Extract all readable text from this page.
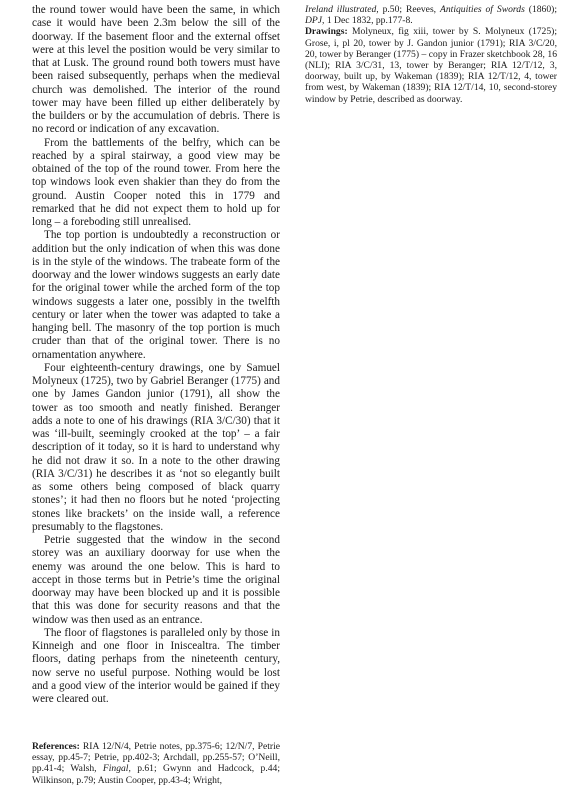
the round tower would have been the same, in which case it would have been 2.3m below the sill of the doorway. If the basement floor and the external offset were at this level the position would be very similar to that at Lusk. The ground round both towers must have been raised subsequently, perhaps when the medieval church was demolished. The interior of the round tower may have been filled up either deliberately by the builders or by the accumulation of debris. There is no record or indication of any excavation.

From the battlements of the belfry, which can be reached by a spiral stairway, a good view may be obtained of the top of the round tower. From here the top windows look even shakier than they do from the ground. Austin Cooper noted this in 1779 and remarked that he did not expect them to hold up for long – a foreboding still unrealised.

The top portion is undoubtedly a reconstruction or addition but the only indication of when this was done is in the style of the windows. The trabeate form of the doorway and the lower windows suggests an early date for the original tower while the arched form of the top windows suggests a later one, possibly in the twelfth century or later when the tower was adapted to take a hanging bell. The masonry of the top portion is much cruder than that of the original tower. There is no ornamentation anywhere.

Four eighteenth-century drawings, one by Samuel Molyneux (1725), two by Gabriel Beranger (1775) and one by James Gandon junior (1791), all show the tower as too smooth and neatly finished. Beranger adds a note to one of his drawings (RIA 3/C/30) that it was ‘ill-built, seemingly crooked at the top’ – a fair description of it today, so it is hard to understand why he did not draw it so. In a note to the other drawing (RIA 3/C/31) he describes it as ‘not so elegantly built as some others being composed of black quarry stones’; it had then no floors but he noted ‘projecting stones like brackets’ on the inside wall, a reference presumably to the flagstones.

Petrie suggested that the window in the second storey was an auxiliary doorway for use when the enemy was around the one below. This is hard to accept in those terms but in Petrie’s time the original doorway may have been blocked up and it is possible that this was done for security reasons and that the window was then used as an entrance.

The floor of flagstones is paralleled only by those in Kinneigh and one floor in Iniscealtra. The timber floors, dating perhaps from the nineteenth century, now serve no useful purpose. Nothing would be lost and a good view of the interior would be gained if they were cleared out.

References: RIA 12/N/4, Petrie notes, pp.375-6; 12/N/7, Petrie essay, pp.45-7; Petrie, pp.402-3; Archdall, pp.255-57; O’Neill, pp.41-4; Walsh, Fingal, p.61; Gwynn and Hadcock, p.44; Wilkinson, p.79; Austin Cooper, pp.43-4; Wright,

Ireland illustrated, p.50; Reeves, Antiquities of Swords (1860); DPJ, 1 Dec 1832, pp.177-8.

Drawings: Molyneux, fig xiii, tower by S. Molyneux (1725); Grose, i, pl 20, tower by J. Gandon junior (1791); RIA 3/C/20, 20, tower by Beranger (1775) – copy in Frazer sketchbook 28, 16 (NLI); RIA 3/C/31, 13, tower by Beranger; RIA 12/T/12, 3, doorway, built up, by Wakeman (1839); RIA 12/T/12, 4, tower from west, by Wakeman (1839); RIA 12/T/14, 10, second-storey window by Petrie, described as doorway.
